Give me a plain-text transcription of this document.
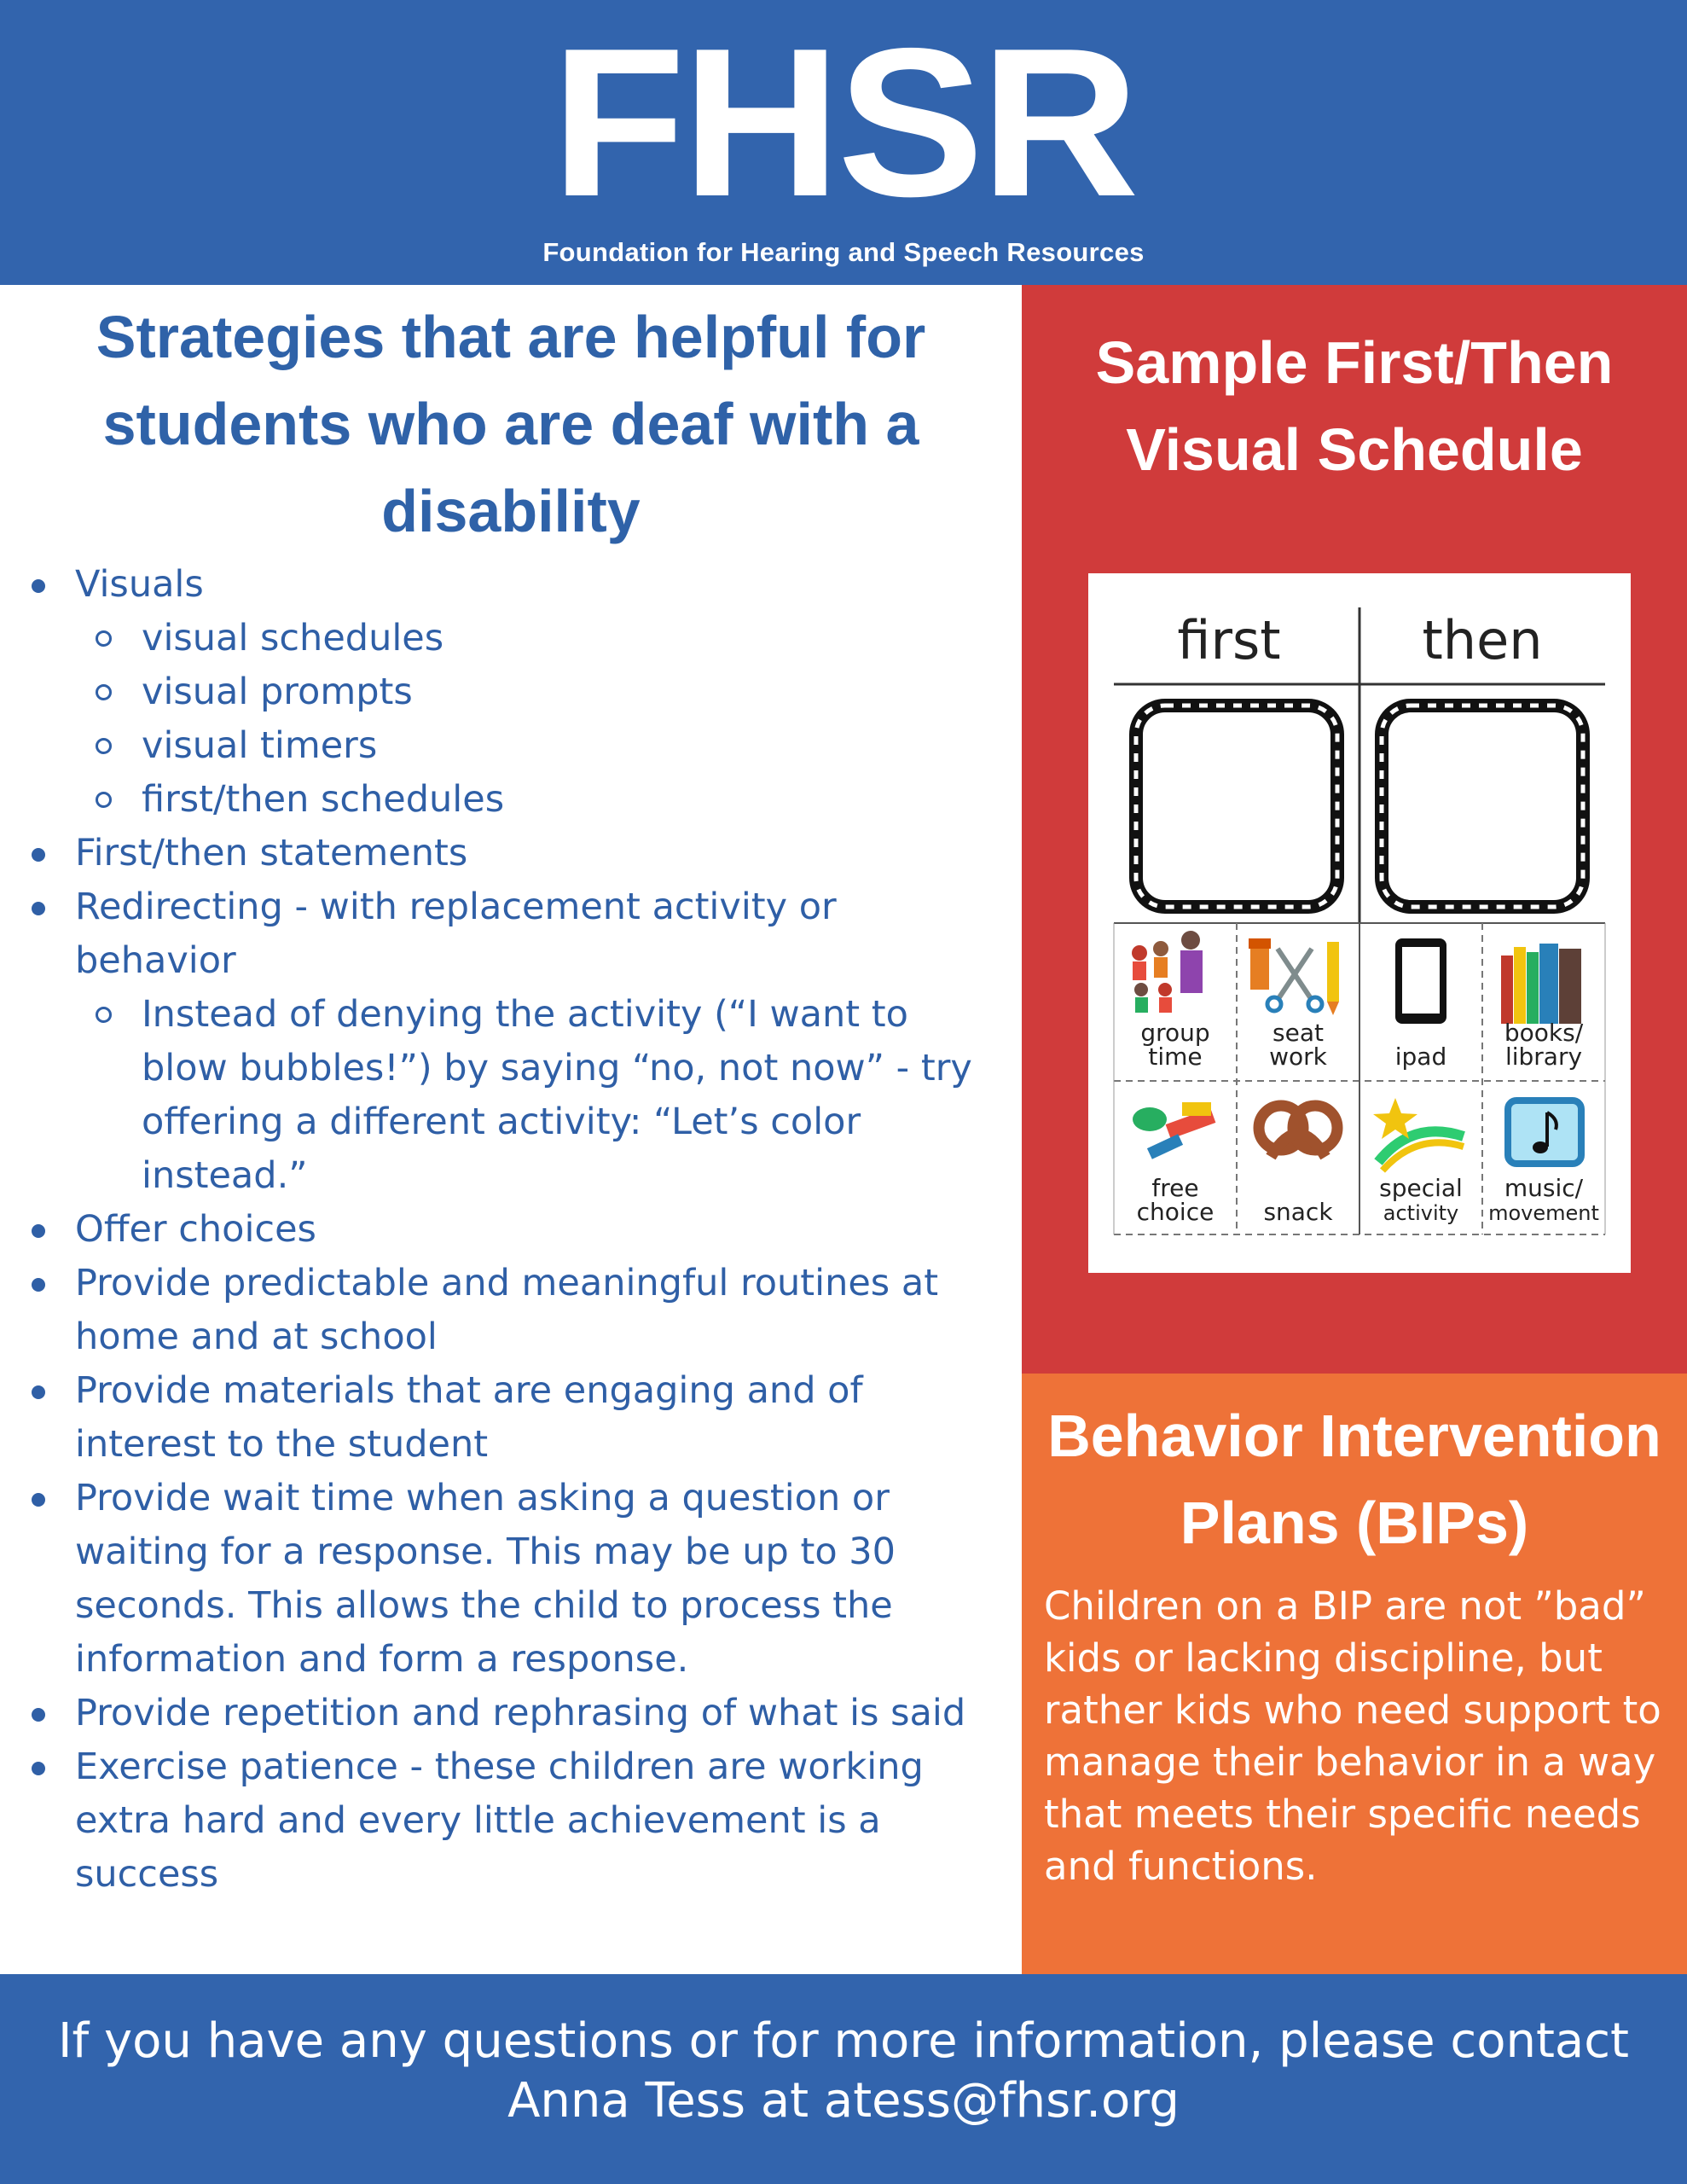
FHSR
Foundation for Hearing and Speech Resources
Strategies that are helpful for students who are deaf with a disability
Visuals
visual schedules
visual prompts
visual timers
first/then schedules
First/then statements
Redirecting - with replacement activity or behavior
Instead of denying the activity (“I want to blow bubbles!”) by saying “no, not now” - try offering a different activity: “Let’s color instead.”
Offer choices
Provide predictable and meaningful routines at home and at school
Provide materials that are engaging and of interest to the student
Provide wait time when asking a question or waiting for a response. This may be up to 30 seconds. This allows the child to process the information and form a response.
Provide repetition and rephrasing of what is said
Exercise patience - these children are working extra hard and every little achievement is a success
Sample First/Then Visual Schedule
first	then
group
time
seat
work	ipad
books/
library
free
choice snack
special
activity
music/
movement
Behavior Intervention Plans (BIPs)
Children on a BIP are not ”bad” kids or lacking discipline, but rather kids who need support to manage their behavior in a way that meets their specific needs and functions.
If you have any questions or for more information, please contact Anna Tess at atess@fhsr.org
